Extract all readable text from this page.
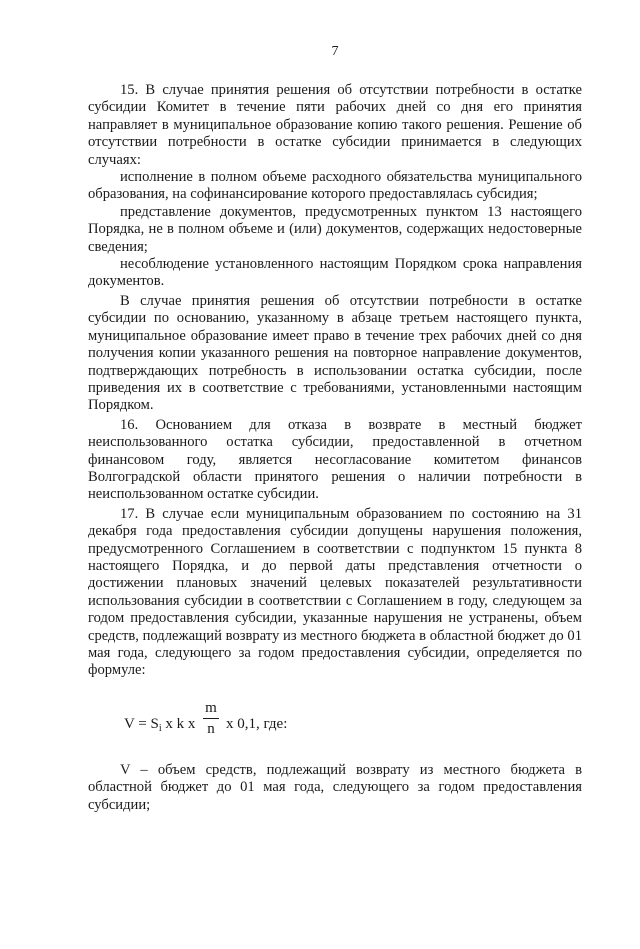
7

15. В случае принятия решения об отсутствии потребности в остатке субсидии Комитет в течение пяти рабочих дней со дня его принятия направляет в муниципальное образование копию такого решения. Решение об отсутствии потребности в остатке субсидии принимается в следующих случаях:

исполнение в полном объеме расходного обязательства муниципального образования, на софинансирование которого предоставлялась субсидия;

представление документов, предусмотренных пунктом 13 настоящего Порядка, не в полном объеме и (или) документов, содержащих недостоверные сведения;

несоблюдение установленного настоящим Порядком срока направления документов.

В случае принятия решения об отсутствии потребности в остатке субсидии по основанию, указанному в абзаце третьем настоящего пункта, муниципальное образование имеет право в течение трех рабочих дней со дня получения копии указанного решения на повторное направление документов, подтверждающих потребность в использовании остатка субсидии, после приведения их в соответствие с требованиями, установленными настоящим Порядком.

16. Основанием для отказа в возврате в местный бюджет неиспользованного остатка субсидии, предоставленной в отчетном финансовом году, является несогласование комитетом финансов Волгоградской области принятого решения о наличии потребности в неиспользованном остатке субсидии.

17. В случае если муниципальным образованием по состоянию на 31 декабря года предоставления субсидии допущены нарушения положения, предусмотренного Соглашением в соответствии с подпунктом 15 пункта 8 настоящего Порядка, и до первой даты представления отчетности о достижении плановых значений целевых показателей результативности использования субсидии в соответствии с Соглашением в году, следующем за годом предоставления субсидии, указанные нарушения не устранены, объем средств, подлежащий возврату из местного бюджета в областной бюджет до 01 мая года, следующего за годом предоставления субсидии, определяется по формуле:

$V = S_i$ x k x
m
n x 0,1, где:

V – объем средств, подлежащий возврату из местного бюджета в областной бюджет до 01 мая года, следующего за годом предоставления субсидии;
